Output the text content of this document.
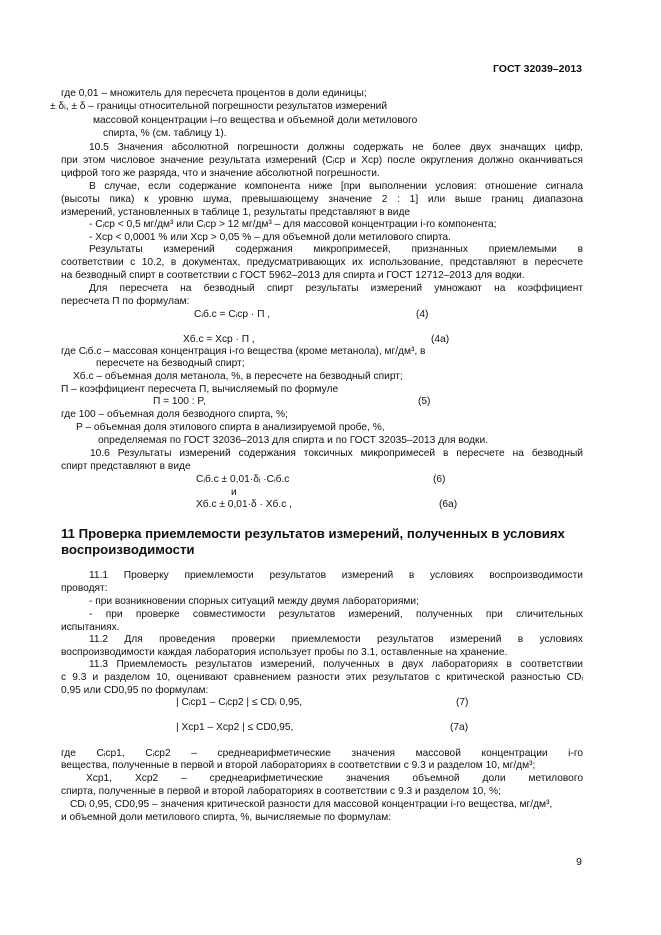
ГОСТ 32039–2013
где 0,01 – множитель для пересчета процентов в доли единицы;
± δᵢ, ± δ – границы относительной погрешности результатов измерений
массовой концентрации i–го вещества и объемной доли метилового
спирта, % (см. таблицу 1).
10.5 Значения абсолютной погрешности должны содержать не более двух значащих цифр,
при этом числовое значение результата измерений (Cᵢcp и Xcp) после округления должно оканчиваться
цифрой того же разряда, что и значение абсолютной погрешности.
В случае, если содержание компонента ниже [при выполнении условия: отношение сигнала
(высоты пика) к уровню шума, превышающему значение 2 : 1] или выше границ диапазона
измерений, установленных в таблице 1, результаты представляют в виде
- Cᵢcp < 0,5 мг/дм³ или Cᵢcp > 12 мг/дм³ – для массовой концентрации i-го компонента;
- Xcp < 0,0001 % или Xcp > 0,05 % – для объемной доли метилового спирта.
Результаты измерений содержания микропримесей, признанных приемлемыми в
соответствии с 10.2, в документах, предусматривающих их использование, представляют в пересчете
на безводный спирт в соответствии с ГОСТ 5962–2013 для спирта и ГОСТ 12712–2013 для водки.
Для пересчета на безводный спирт результаты измерений умножают на коэффициент
пересчета П по формулам:
Cᵢб.с = Cᵢcp · П ,	(4)
Xб.с = Xcp · П ,	(4a)
где Cᵢб.с – массовая концентрация i-го вещества (кроме метанола), мг/дм³, в
пересчете на безводный спирт;
Xб.с – объемная доля метанола, %, в пересчете на безводный спирт;
П – коэффициент пересчета П, вычисляемый по формуле
П = 100 : P,	(5)
где 100 – объемная доля безводного спирта, %;
P – объемная доля этилового спирта в анализируемой пробе, %,
определяемая по ГОСТ 32036–2013 для спирта и по ГОСТ 32035–2013 для водки.
10.6 Результаты измерений содержания токсичных микропримесей в пересчете на безводный
спирт представляют в виде
Cᵢб.с ± 0,01·δᵢ ·Cᵢб.с	(6)
и
Xб.с ± 0,01·δ · Xб.с ,	(6a)
11 Проверка приемлемости результатов измерений, полученных в условиях воспроизводимости
11.1 Проверку приемлемости результатов измерений в условиях воспроизводимости
проводят:
- при возникновении спорных ситуаций между двумя лабораториями;
- при проверке совместимости результатов измерений, полученных при сличительных
испытаниях.
11.2 Для проведения проверки приемлемости результатов измерений в условиях
воспроизводимости каждая лаборатория использует пробы по 3.1, оставленные на хранение.
11.3 Приемлемость результатов измерений, полученных в двух лабораториях в соответствии
с 9.3 и разделом 10, оценивают сравнением разности этих результатов с критической разностью CDᵢ
0,95 или CD0,95 по формулам:
| Cᵢcp1 – Cᵢcp2 | ≤ CDᵢ 0,95,	(7)
| Xcp1 – Xcp2 | ≤ CD0,95,	(7a)
где Cᵢcp1, Cᵢcp2 – среднеарифметические значения массовой концентрации i-го
вещества, полученные в первой и второй лабораториях в соответствии с 9.3 и разделом 10, мг/дм³;
Xcp1, Xcp2 – среднеарифметические значения объемной доли метилового
спирта, полученные в первой и второй лабораториях в соответствии с 9.3 и разделом 10, %;
CDᵢ 0,95, CD0,95 – значения критической разности для массовой концентрации i-го вещества, мг/дм³,
и объемной доли метилового спирта, %, вычисляемые по формулам:
9
